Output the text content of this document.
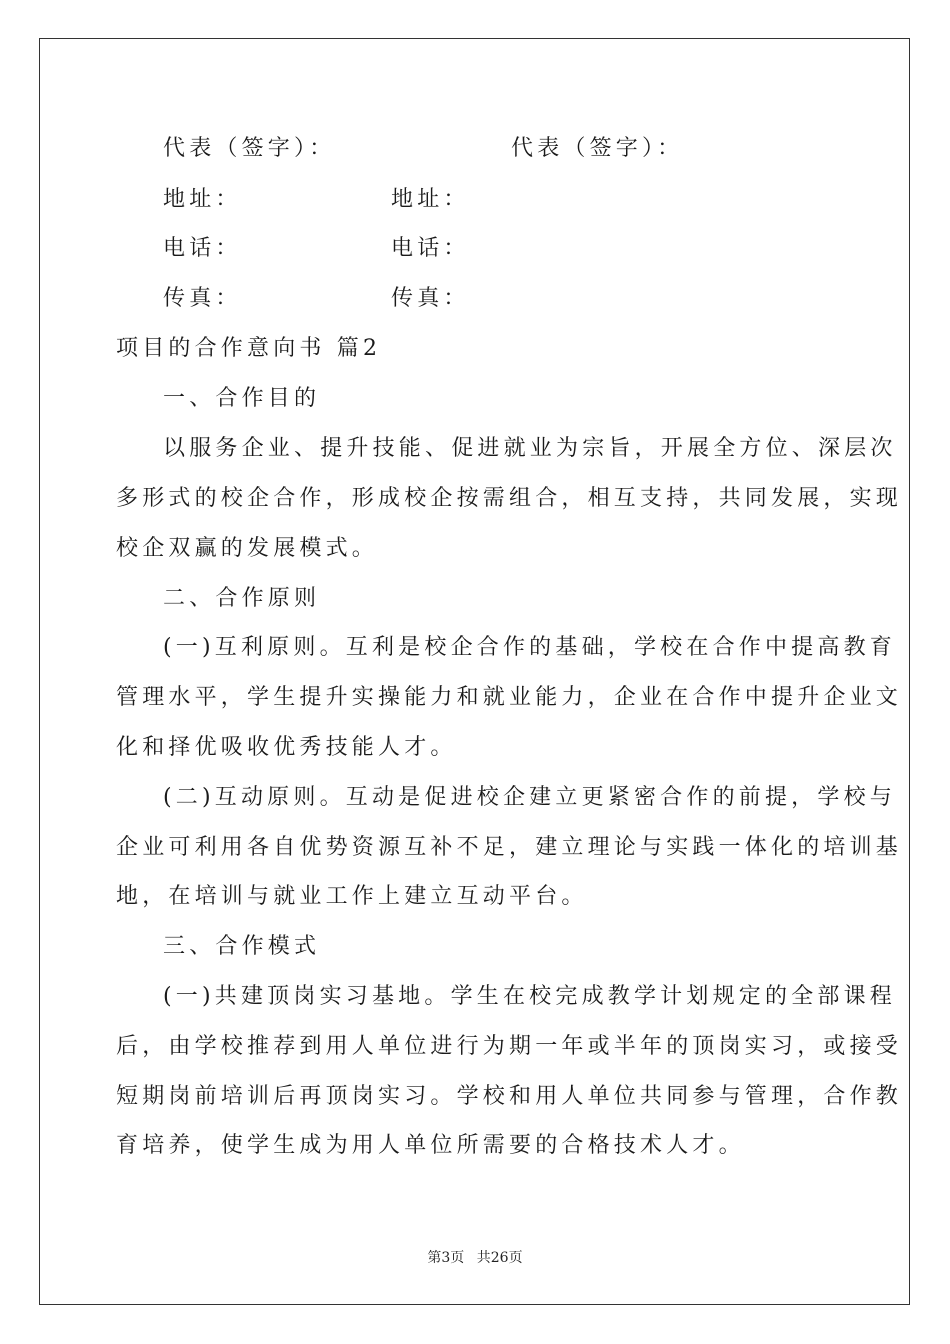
代表（签字）：	代表（签字）：
地址：	地址：
电话：	电话：
传真：	传真：
项目的合作意向书 篇2
一、合作目的
以服务企业、提升技能、促进就业为宗旨，开展全方位、深层次
多形式的校企合作，形成校企按需组合，相互支持，共同发展，实现
校企双赢的发展模式。
二、合作原则
(一)互利原则。互利是校企合作的基础，学校在合作中提高教育
管理水平，学生提升实操能力和就业能力，企业在合作中提升企业文
化和择优吸收优秀技能人才。
(二)互动原则。互动是促进校企建立更紧密合作的前提，学校与
企业可利用各自优势资源互补不足，建立理论与实践一体化的培训基
地，在培训与就业工作上建立互动平台。
三、合作模式
(一)共建顶岗实习基地。学生在校完成教学计划规定的全部课程
后，由学校推荐到用人单位进行为期一年或半年的顶岗实习，或接受
短期岗前培训后再顶岗实习。学校和用人单位共同参与管理，合作教
育培养，使学生成为用人单位所需要的合格技术人才。
第3页 共26页
